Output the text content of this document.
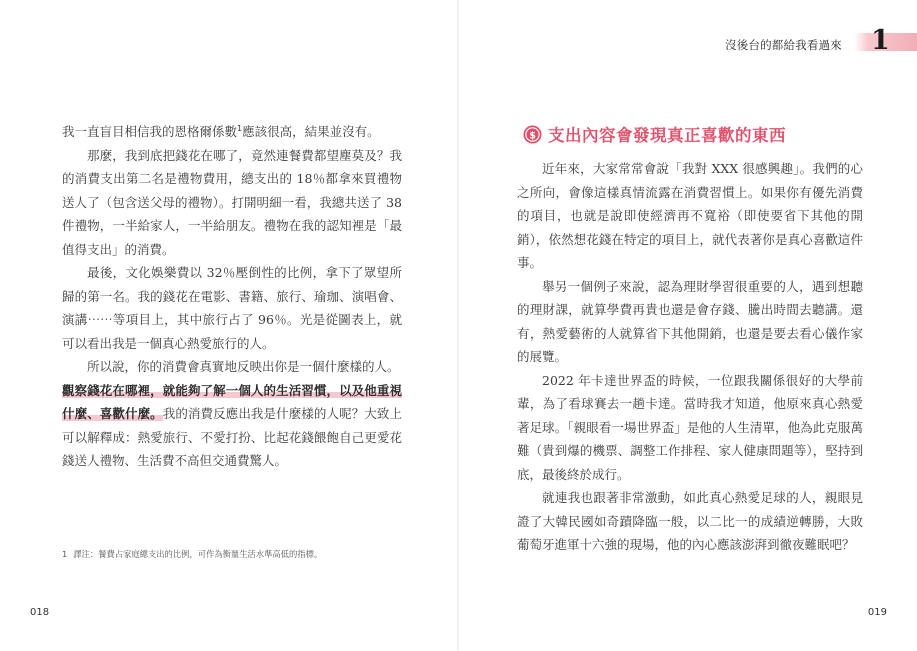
我一直盲目相信我的恩格爾係數$^1$應該很高，結果並沒有。

那麼，我到底把錢花在哪了，竟然連餐費都望塵莫及？我的消費支出第二名是禮物費用，總支出的 18％都拿來買禮物送人了（包含送父母的禮物）。打開明細一看，我總共送了 38 件禮物，一半給家人，一半給朋友。禮物在我的認知裡是「最值得支出」的消費。

最後，文化娛樂費以 32％壓倒性的比例，拿下了眾望所歸的第一名。我的錢花在電影、書籍、旅行、瑜珈、演唱會、演講⋯⋯等項目上，其中旅行占了 96％。光是從圖表上，就可以看出我是一個真心熱愛旅行的人。

所以說，你的消費會真實地反映出你是一個什麼樣的人。

觀察錢花在哪裡，就能夠了解一個人的生活習慣，以及他重視什麼、喜歡什麼。我的消費反應出我是什麼樣的人呢？大致上可以解釋成：熱愛旅行、不愛打扮、比起花錢餵飽自己更愛花錢送人禮物、生活費不高但交通費驚人。

1 譯注：餐費占家庭總支出的比例，可作為衡量生活水準高低的指標。
018
沒後台的都給我看過來 1
$ 支出內容會發現真正喜歡的東西

近年來，大家常常會說「我對 XXX 很感興趣」。我們的心之所向，會像這樣真情流露在消費習慣上。如果你有優先消費的項目，也就是說即使經濟再不寬裕（即使要省下其他的開銷），依然想花錢在特定的項目上，就代表著你是真心喜歡這件事。

舉另一個例子來說，認為理財學習很重要的人，遇到想聽的理財課，就算學費再貴也還是會存錢、騰出時間去聽講。還有，熱愛藝術的人就算省下其他開銷，也還是要去看心儀作家的展覽。

2022 年卡達世界盃的時候，一位跟我關係很好的大學前輩，為了看球賽去一趟卡達。當時我才知道，他原來真心熱愛著足球。「親眼看一場世界盃」是他的人生清單，他為此克服萬難（貴到爆的機票、調整工作排程、家人健康問題等），堅持到底，最後終於成行。

就連我也跟著非常激動，如此真心熱愛足球的人，親眼見證了大韓民國如奇蹟降臨一般，以二比一的成績逆轉勝，大敗葡萄牙進軍十六強的現場，他的內心應該澎湃到徹夜難眠吧？

019
